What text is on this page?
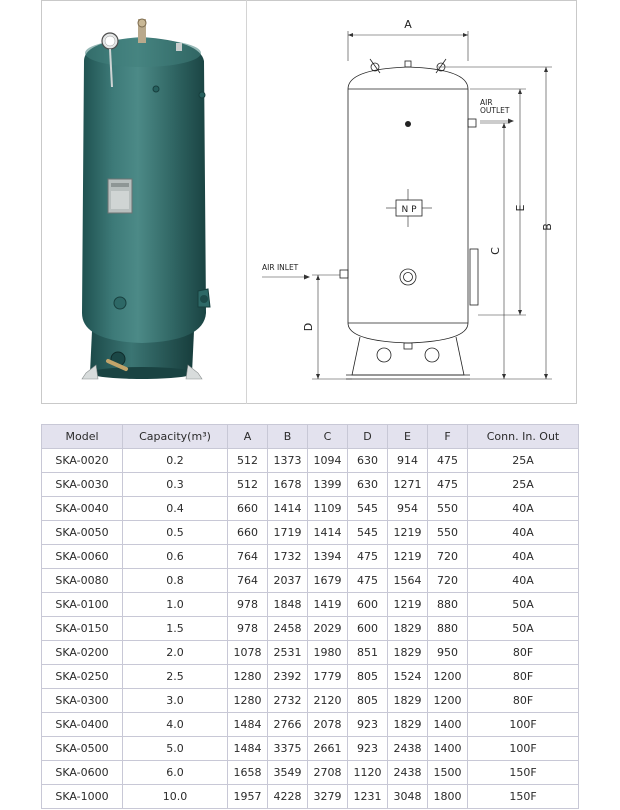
N P
A
B
E
C
D
AIR
OUTLET
AIR INLET
Model	Capacity(m³)	A	B	C	D	E	F	Conn. In. Out
SKA-0020	0.2	512	1373	1094	630	914	475	25A
SKA-0030	0.3	512	1678	1399	630	1271	475	25A
SKA-0040	0.4	660	1414	1109	545	954	550	40A
SKA-0050	0.5	660	1719	1414	545	1219	550	40A
SKA-0060	0.6	764	1732	1394	475	1219	720	40A
SKA-0080	0.8	764	2037	1679	475	1564	720	40A
SKA-0100	1.0	978	1848	1419	600	1219	880	50A
SKA-0150	1.5	978	2458	2029	600	1829	880	50A
SKA-0200	2.0	1078	2531	1980	851	1829	950	80F
SKA-0250	2.5	1280	2392	1779	805	1524	1200	80F
SKA-0300	3.0	1280	2732	2120	805	1829	1200	80F
SKA-0400	4.0	1484	2766	2078	923	1829	1400	100F
SKA-0500	5.0	1484	3375	2661	923	2438	1400	100F
SKA-0600	6.0	1658	3549	2708	1120	2438	1500	150F
SKA-1000	10.0	1957	4228	3279	1231	3048	1800	150F
